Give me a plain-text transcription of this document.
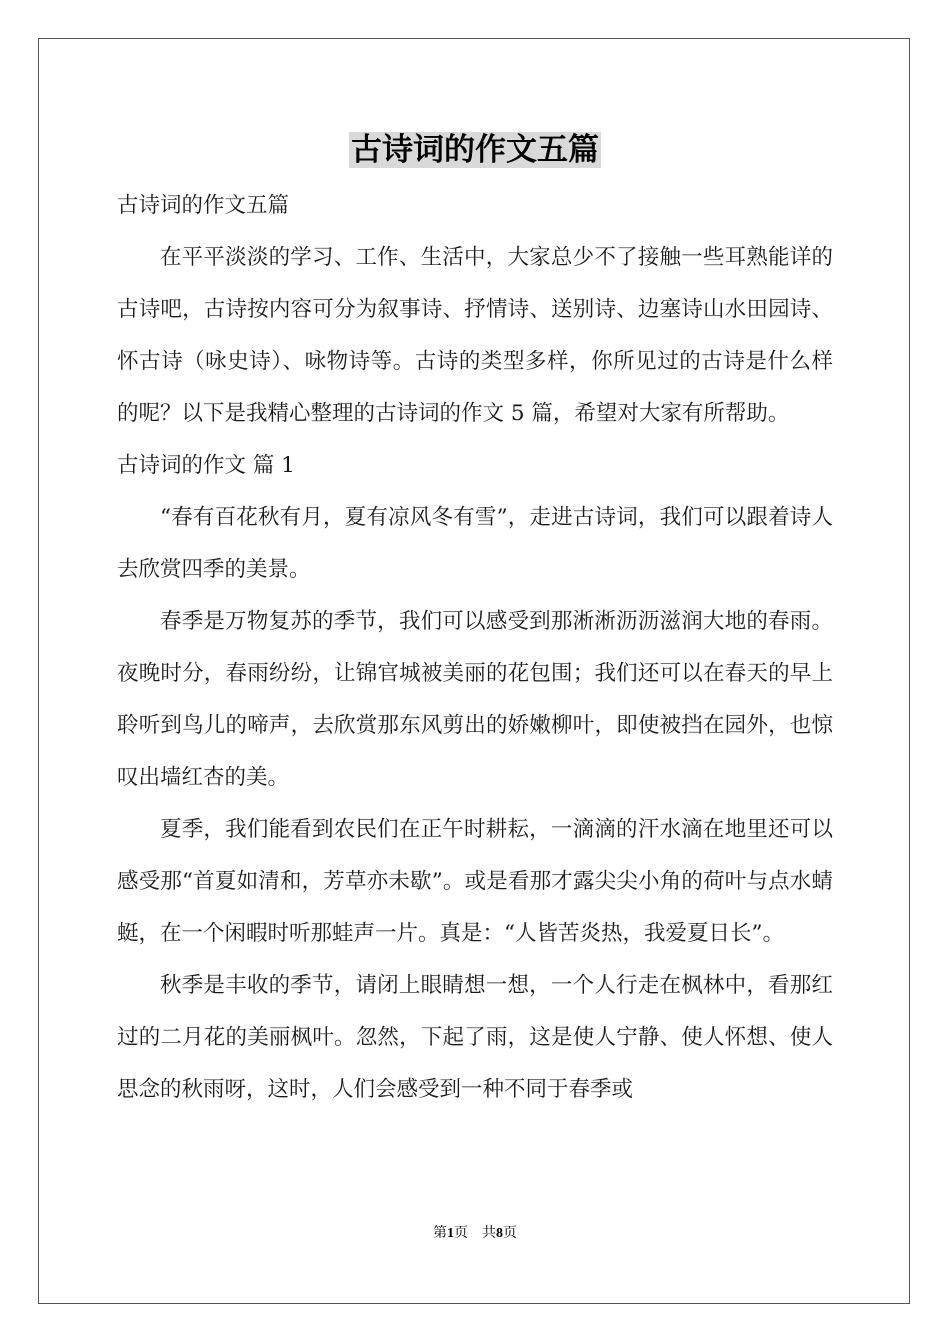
古诗词的作文五篇

古诗词的作文五篇

在平平淡淡的学习、工作、生活中，大家总少不了接触一些耳熟能详的古诗吧，古诗按内容可分为叙事诗、抒情诗、送别诗、边塞诗山水田园诗、怀古诗（咏史诗）、咏物诗等。古诗的类型多样，你所见过的古诗是什么样的呢？以下是我精心整理的古诗词的作文 5 篇，希望对大家有所帮助。

古诗词的作文 篇 1

“春有百花秋有月，夏有凉风冬有雪”，走进古诗词，我们可以跟着诗人去欣赏四季的美景。

春季是万物复苏的季节，我们可以感受到那淅淅沥沥滋润大地的春雨。夜晚时分，春雨纷纷，让锦官城被美丽的花包围；我们还可以在春天的早上聆听到鸟儿的啼声，去欣赏那东风剪出的娇嫩柳叶，即使被挡在园外，也惊叹出墙红杏的美。

夏季，我们能看到农民们在正午时耕耘，一滴滴的汗水滴在地里还可以感受那“首夏如清和，芳草亦未歇”。或是看那才露尖尖小角的荷叶与点水蜻蜓，在一个闲暇时听那蛙声一片。真是：“人皆苦炎热，我爱夏日长”。

秋季是丰收的季节，请闭上眼睛想一想，一个人行走在枫林中，看那红过的二月花的美丽枫叶。忽然，下起了雨，这是使人宁静、使人怀想、使人思念的秋雨呀，这时，人们会感受到一种不同于春季或

第1页 共8页
